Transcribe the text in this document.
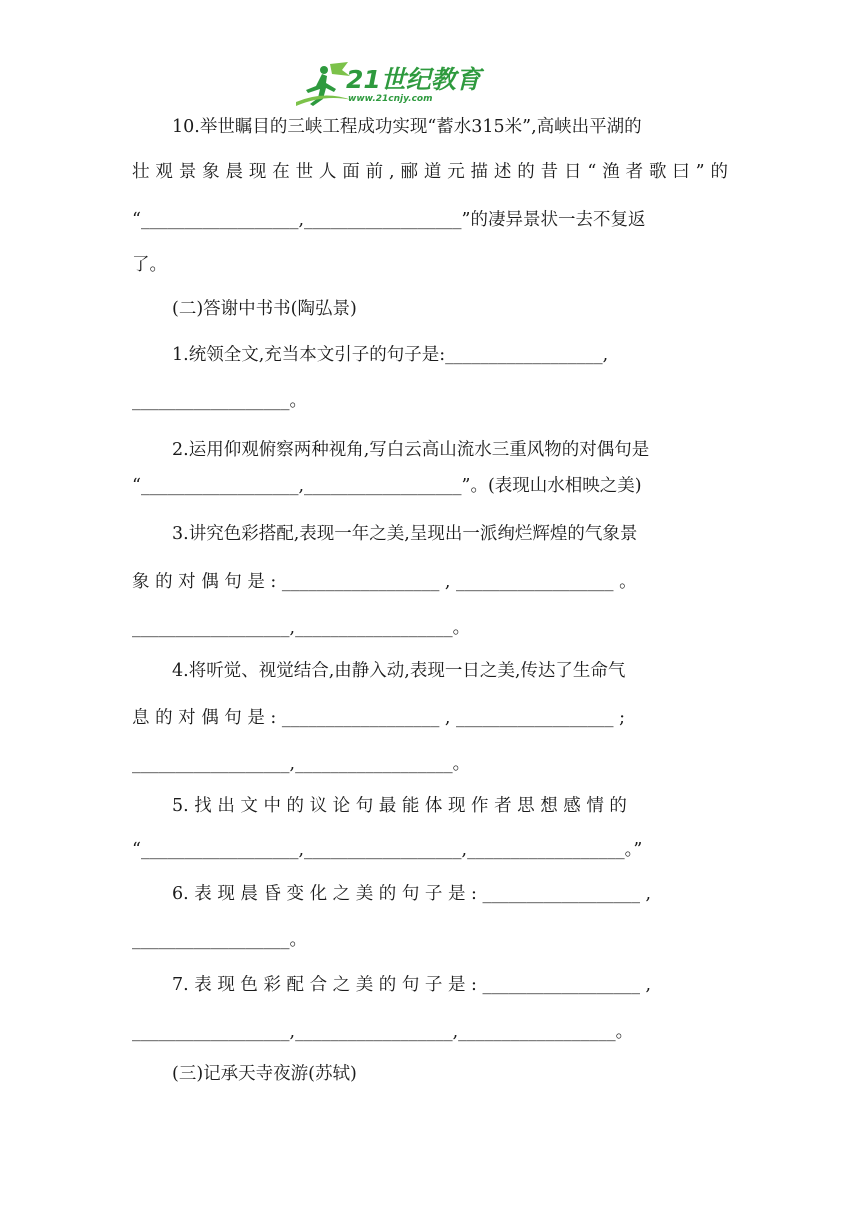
21世纪教育
www.21cnjy.com
10.举世瞩目的三峡工程成功实现“蓄水315米”,高峡出平湖的
壮观景象晨现在世人面前,郦道元描述的昔日“渔者歌曰”的
“__________________,__________________”的凄异景状一去不复返
了。
(二)答谢中书书(陶弘景)
1.统领全文,充当本文引子的句子是:__________________,
__________________。
2.运用仰观俯察两种视角,写白云高山流水三重风物的对偶句是
“__________________,__________________”。(表现山水相映之美)
3.讲究色彩搭配,表现一年之美,呈现出一派绚烂辉煌的气象景
象 的 对 偶 句 是 : __________________ , __________________ 。
__________________,__________________。
4.将听觉、视觉结合,由静入动,表现一日之美,传达了生命气
息 的 对 偶 句 是 : __________________ , __________________ ;
__________________,__________________。
5. 找 出 文 中 的 议 论 句 最 能 体 现 作 者 思 想 感 情 的
“__________________,__________________,__________________。”
6. 表 现 晨 昏 变 化 之 美 的 句 子 是 : __________________ ,
__________________。
7. 表 现 色 彩 配 合 之 美 的 句 子 是 : __________________ ,
__________________,__________________,__________________。
(三)记承天寺夜游(苏轼)
